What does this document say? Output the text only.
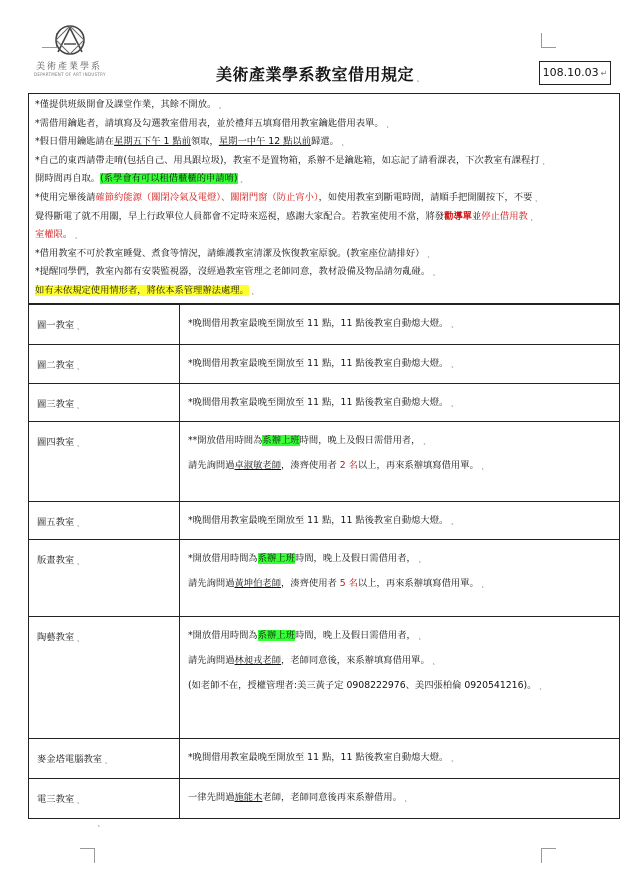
美術產業學系
DEPARTMENT OF ART INDUSTRY	美術產業學系教室借用規定 ˛	108.10.03 ↵
*僅提供班級開會及課堂作業，其餘不開放。 ˛
*需借用鑰匙者，請填寫及勾選教室借用表，並於禮拜五填寫借用教室鑰匙借用表單。 ˛
*假日借用鑰匙請在星期五下午 1 點前領取，星期一中午 12 點以前歸還。 ˛
*自己的東西請帶走唷(包括自己、用具跟垃圾)，教室不是置物箱，系辦不是鑰匙箱，如忘記了請看課表，下次教室有課程打 ˛
開時間再自取。(系學會有可以租借櫃櫃的申請唷) ˛
*使用完畢後請確節約能源（關閉冷氣及電燈）、關閉門窗（防止宵小），如使用教室到斷電時間，請順手把開關按下，不要 ˛
覺得斷電了就不用關，早上行政單位人員都會不定時來巡視，感謝大家配合。若教室使用不當，將發勸導單並停止借用教 ˛
室權限。 ˛
*借用教室不可於教室睡覺、煮食等情況，請維護教室清潔及恢復教室原貌。(教室座位請排好） ˛
*提醒同學們，教室內都有安裝監視器，沒經過教室管理之老師同意，教材設備及物品請勿亂碰。 ˛
如有未依規定使用情形者，將依本系管理辦法處理。 ˛
圖一教室 ˛	*晚間借用教室最晚至開放至 11 點，11 點後教室自動熄大燈。 ˛

圖二教室 ˛	*晚間借用教室最晚至開放至 11 點，11 點後教室自動熄大燈。 ˛

圖三教室 ˛	*晚間借用教室最晚至開放至 11 點，11 點後教室自動熄大燈。 ˛

圖四教室 ˛	**開放借用時間為系辦上班時間，晚上及假日需借用者， ˛

請先詢問過卓淑敏老師，湊齊使用者 2 名以上，再來系辦填寫借用單。 ˛

圖五教室 ˛	*晚間借用教室最晚至開放至 11 點，11 點後教室自動熄大燈。 ˛

版畫教室 ˛	*開放借用時間為系辦上班時間，晚上及假日需借用者， ˛

請先詢問過黃坤伯老師，湊齊使用者 5 名以上，再來系辦填寫借用單。 ˛

陶藝教室 ˛	*開放借用時間為系辦上班時間，晚上及假日需借用者， ˛

請先詢問過林昶戎老師，老師同意後，來系辦填寫借用單。 ˛

(如老師不在，授權管理者:美三黃子定 0908222976、美四張柏倫 0920541216)。 ˛

麥金塔電腦教室 ˛	*晚間借用教室最晚至開放至 11 點，11 點後教室自動熄大燈。 ˛

電三教室 ˛	一律先問過施能木老師，老師同意後再來系辦借用。 ˛
˛
